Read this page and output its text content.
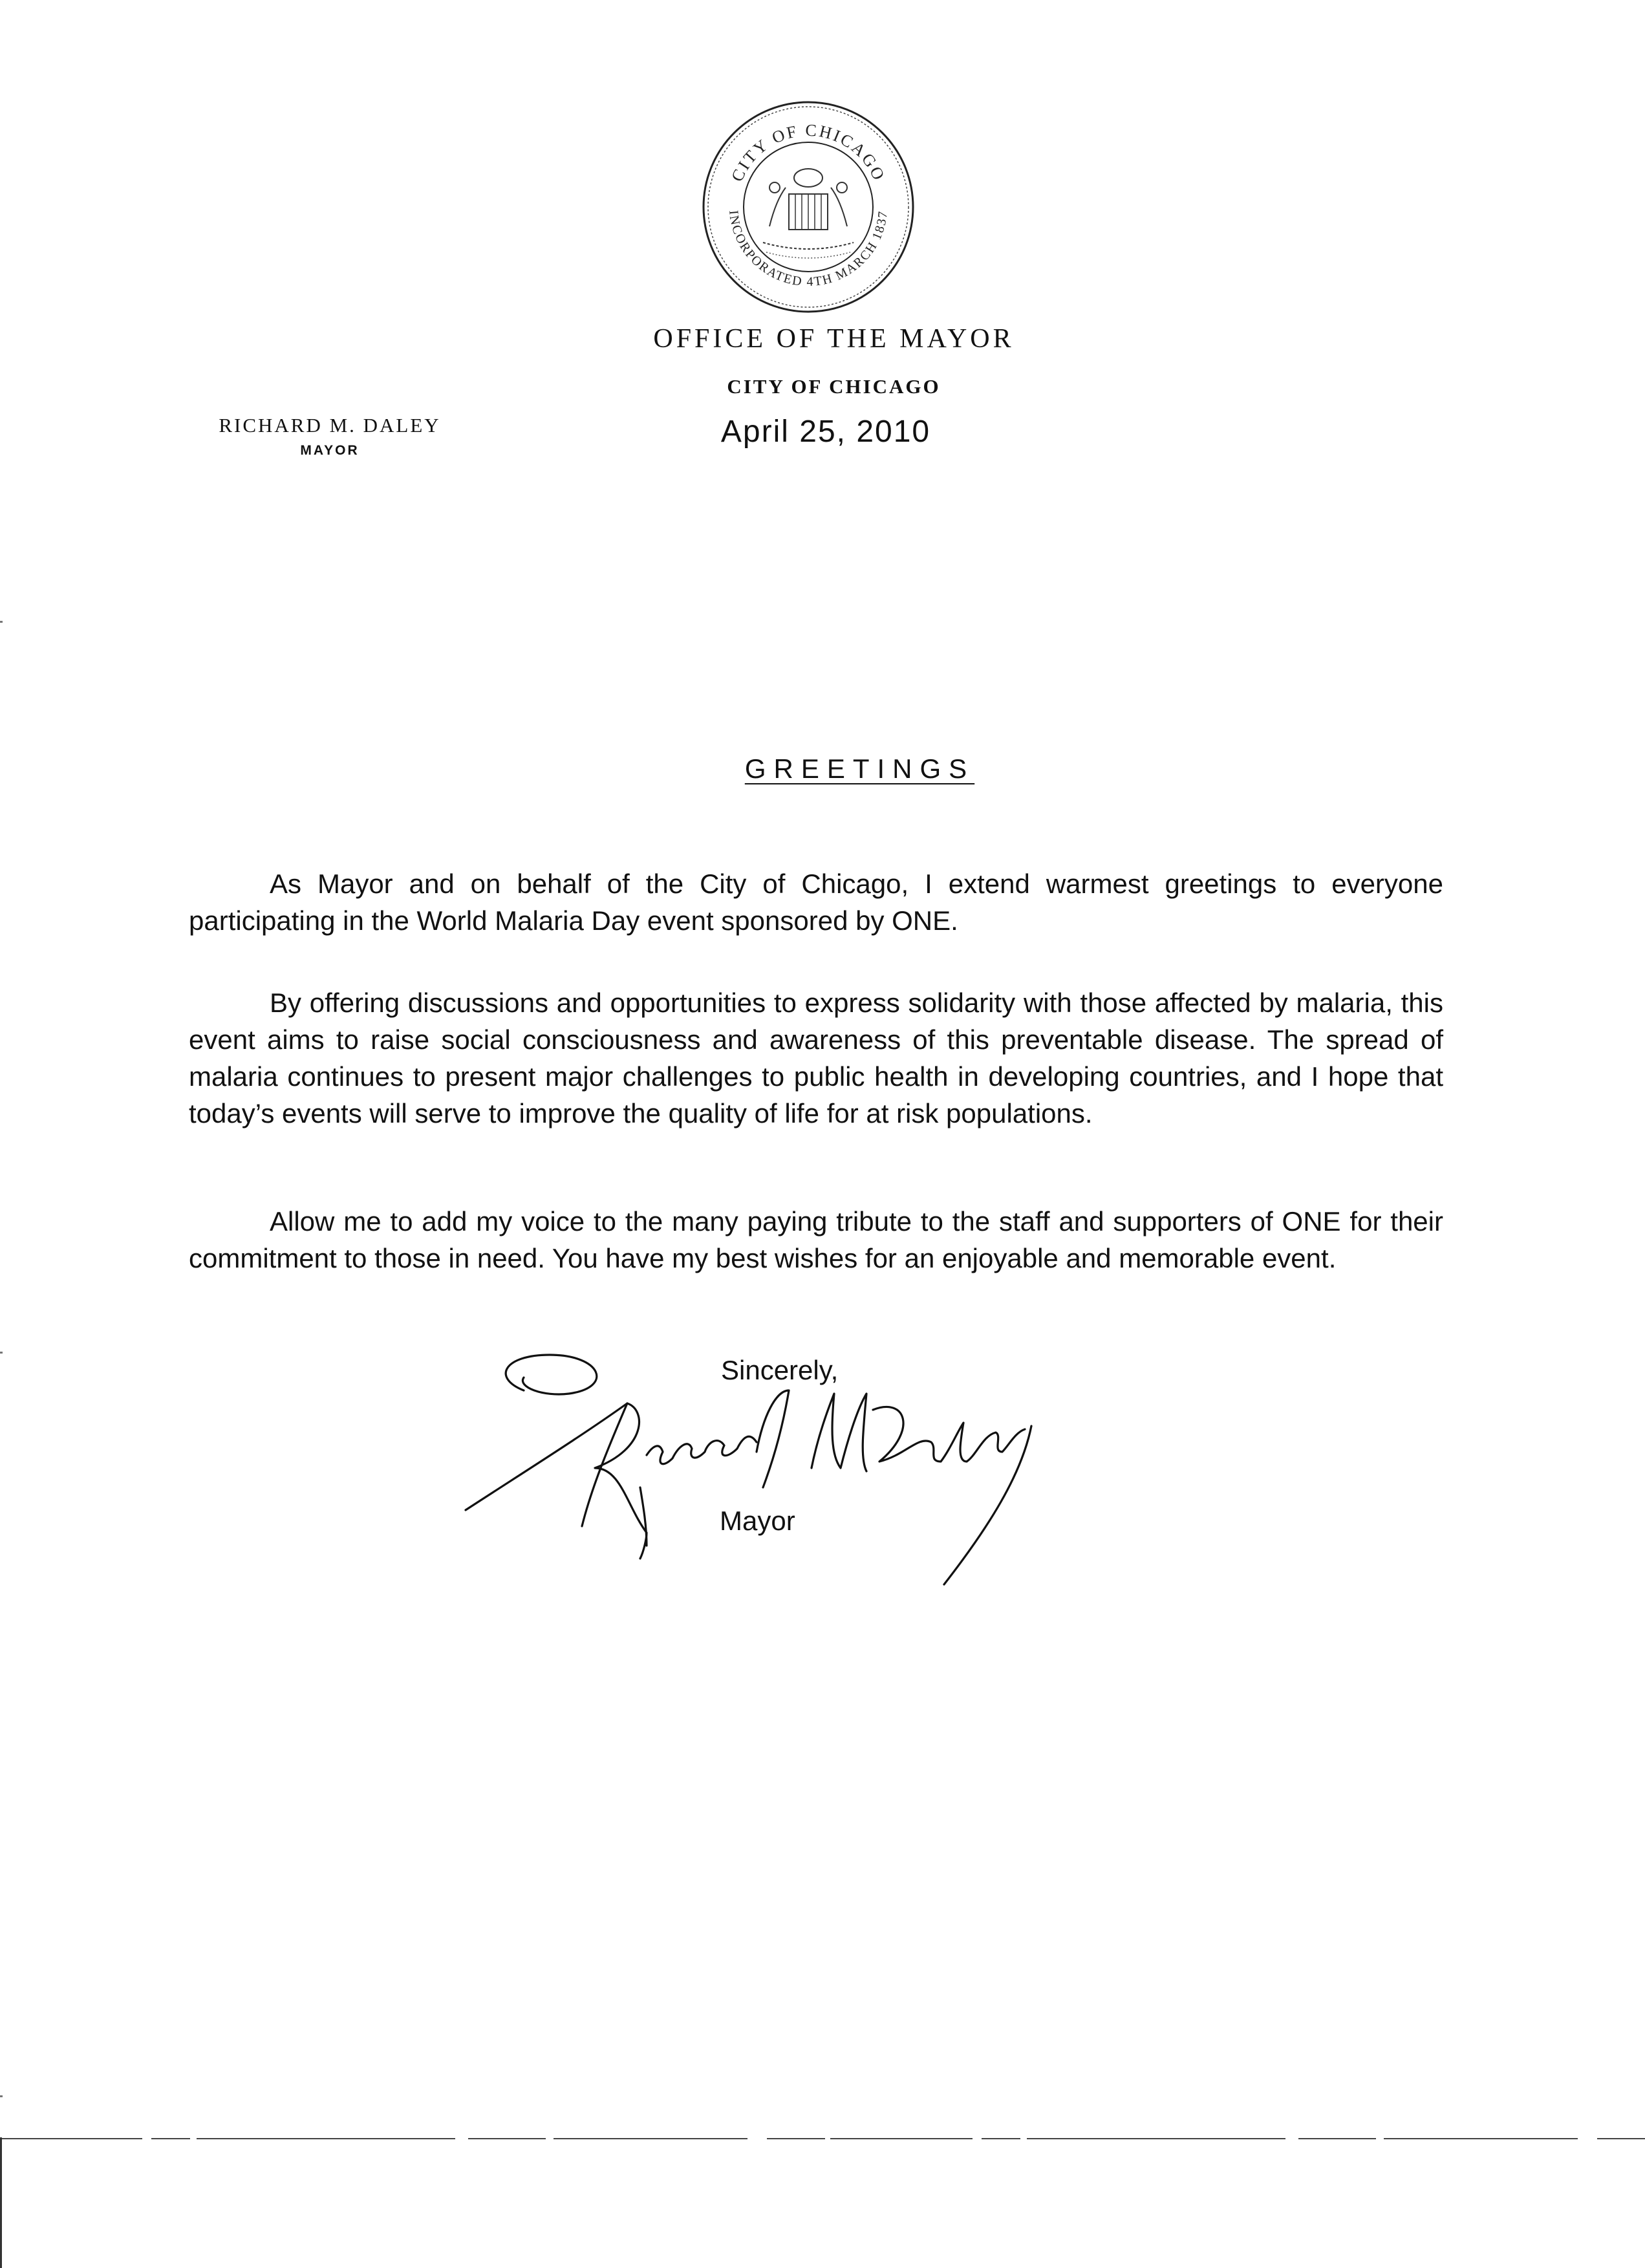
CITY OF CHICAGO
INCORPORATED 4TH MARCH 1837
OFFICE OF THE MAYOR
CITY OF CHICAGO
April 25, 2010
RICHARD M. DALEY
MAYOR
GREETINGS

As Mayor and on behalf of the City of Chicago, I extend warmest greetings to everyone participating in the World Malaria Day event sponsored by ONE.

By offering discussions and opportunities to express solidarity with those affected by malaria, this event aims to raise social consciousness and awareness of this preventable disease. The spread of malaria continues to present major challenges to public health in developing countries, and I hope that today’s events will serve to improve the quality of life for at risk populations.

Allow me to add my voice to the many paying tribute to the staff and supporters of ONE for their commitment to those in need. You have my best wishes for an enjoyable and memorable event.

Sincerely,
Mayor
